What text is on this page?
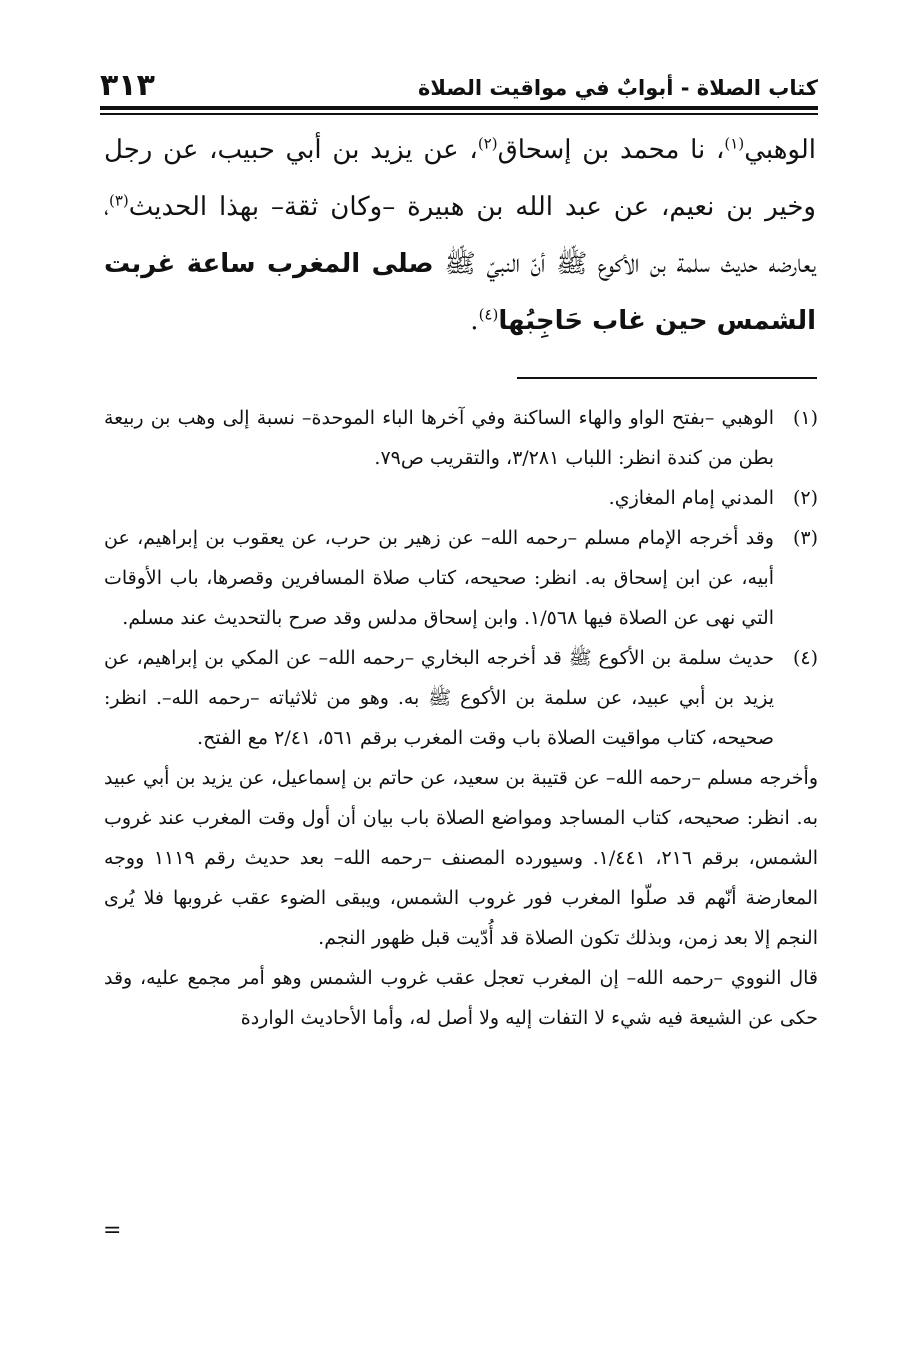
كتاب الصلاة - أبوابٌ في مواقيت الصلاة
٣١٣
الوهبي$^{(١)}$، نا محمد بن إسحاق$^{(٢)}$، عن يزيد بن أبي حبيب، عن رجل وخير بن نعيم، عن عبد الله بن هبيرة –وكان ثقة– بهذا الحديث$^{(٣)}$، يعارضه حديث سلمة بن الأكوع ﷺ أنّ النبيّ ﷺ صلى المغرب ساعة غربت الشمس حين غاب حَاجِبُها$^{(٤)}$.
(١)
الوهبي –بفتح الواو والهاء الساكنة وفي آخرها الباء الموحدة– نسبة إلى وهب بن ربيعة بطن من كندة انظر: اللباب ٣/٢٨١، والتقريب ص٧٩.
(٢)
المدني إمام المغازي.
(٣)
وقد أخرجه الإمام مسلم –رحمه الله– عن زهير بن حرب، عن يعقوب بن إبراهيم، عن أبيه، عن ابن إسحاق به. انظر: صحيحه، كتاب صلاة المسافرين وقصرها، باب الأوقات التي نهى عن الصلاة فيها ١/٥٦٨. وابن إسحاق مدلس وقد صرح بالتحديث عند مسلم.
(٤)
حديث سلمة بن الأكوع ﷺ قد أخرجه البخاري –رحمه الله– عن المكي بن إبراهيم، عن يزيد بن أبي عبيد، عن سلمة بن الأكوع ﷺ به. وهو من ثلاثياته –رحمه الله–. انظر: صحيحه، كتاب مواقيت الصلاة باب وقت المغرب برقم ٥٦١، ٢/٤١ مع الفتح.
وأخرجه مسلم –رحمه الله– عن قتيبة بن سعيد، عن حاتم بن إسماعيل، عن يزيد بن أبي عبيد به. انظر: صحيحه، كتاب المساجد ومواضع الصلاة باب بيان أن أول وقت المغرب عند غروب الشمس، برقم ٢١٦، ١/٤٤١. وسيورده المصنف –رحمه الله– بعد حديث رقم ١١١٩ ووجه المعارضة أنّهم قد صلّوا المغرب فور غروب الشمس، ويبقى الضوء عقب غروبها فلا يُرى النجم إلا بعد زمن، وبذلك تكون الصلاة قد أُدّيت قبل ظهور النجم.
قال النووي –رحمه الله– إن المغرب تعجل عقب غروب الشمس وهو أمر مجمع عليه، وقد حكى عن الشيعة فيه شيء لا التفات إليه ولا أصل له، وأما الأحاديث الواردة
=
